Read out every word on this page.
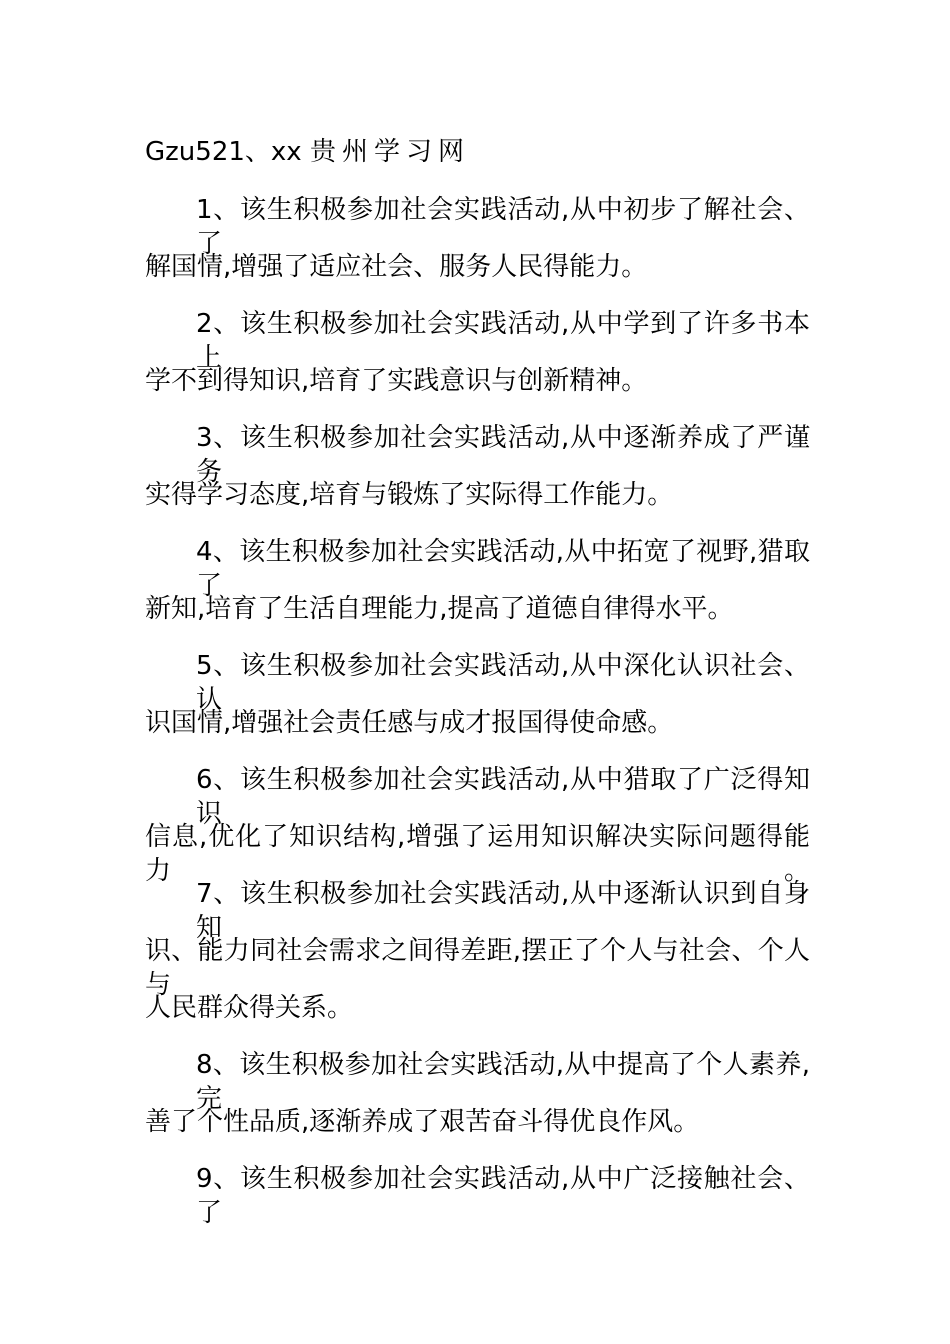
Gzu521、xx 贵州学习网
1、该生积极参加社会实践活动,从中初步了解社会、了
解国情,增强了适应社会、服务人民得能力。
2、该生积极参加社会实践活动,从中学到了许多书本上
学不到得知识,培育了实践意识与创新精神。
3、该生积极参加社会实践活动,从中逐渐养成了严谨务
实得学习态度,培育与锻炼了实际得工作能力。
4、该生积极参加社会实践活动,从中拓宽了视野,猎取了
新知,培育了生活自理能力,提高了道德自律得水平。
5、该生积极参加社会实践活动,从中深化认识社会、认
识国情,增强社会责任感与成才报国得使命感。
6、该生积极参加社会实践活动,从中猎取了广泛得知识
信息,优化了知识结构,增强了运用知识解决实际问题得能力。
7、该生积极参加社会实践活动,从中逐渐认识到自身知
识、能力同社会需求之间得差距,摆正了个人与社会、个人与
人民群众得关系。
8、该生积极参加社会实践活动,从中提高了个人素养,完
善了个性品质,逐渐养成了艰苦奋斗得优良作风。
9、该生积极参加社会实践活动,从中广泛接触社会、了
